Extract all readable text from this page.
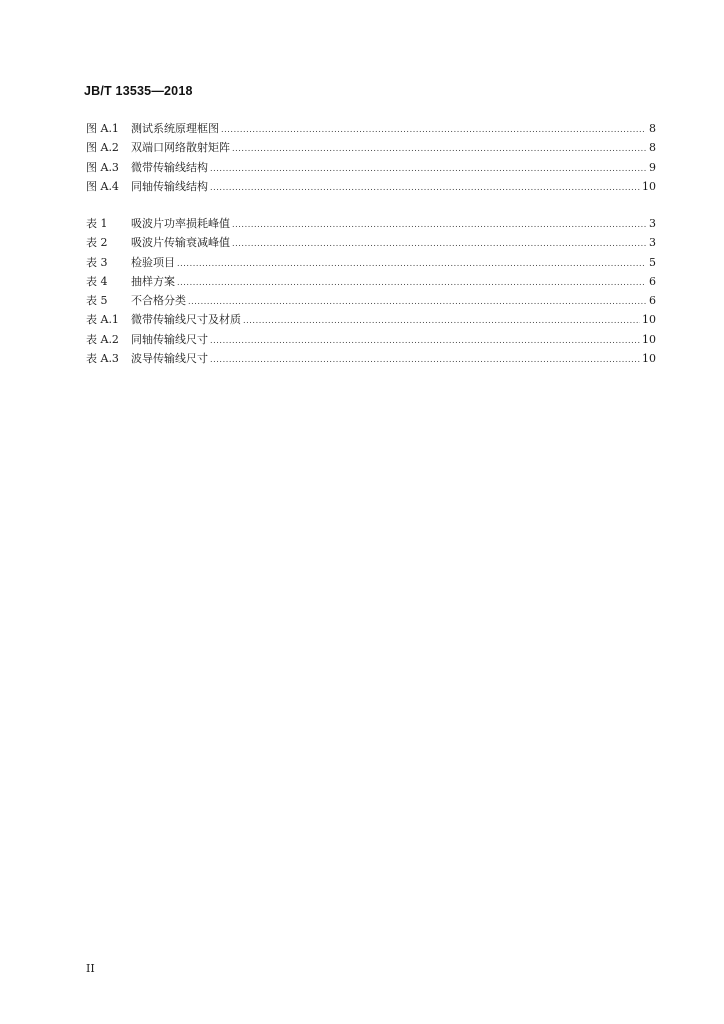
JB/T 13535—2018
图 A.1	测试系统原理框图 .....	8
图 A.2	双端口网络散射矩阵 .....	8
图 A.3	微带传输线结构 .....	9
图 A.4	同轴传输线结构 .....	10
表 1	吸波片功率损耗峰值 .....	3
表 2	吸波片传输衰减峰值 .....	3
表 3	检验项目 .....	5
表 4	抽样方案 .....	6
表 5	不合格分类 .....	6
表 A.1	微带传输线尺寸及材质 .....	10
表 A.2	同轴传输线尺寸 .....	10
表 A.3	波导传输线尺寸 .....	10
II
